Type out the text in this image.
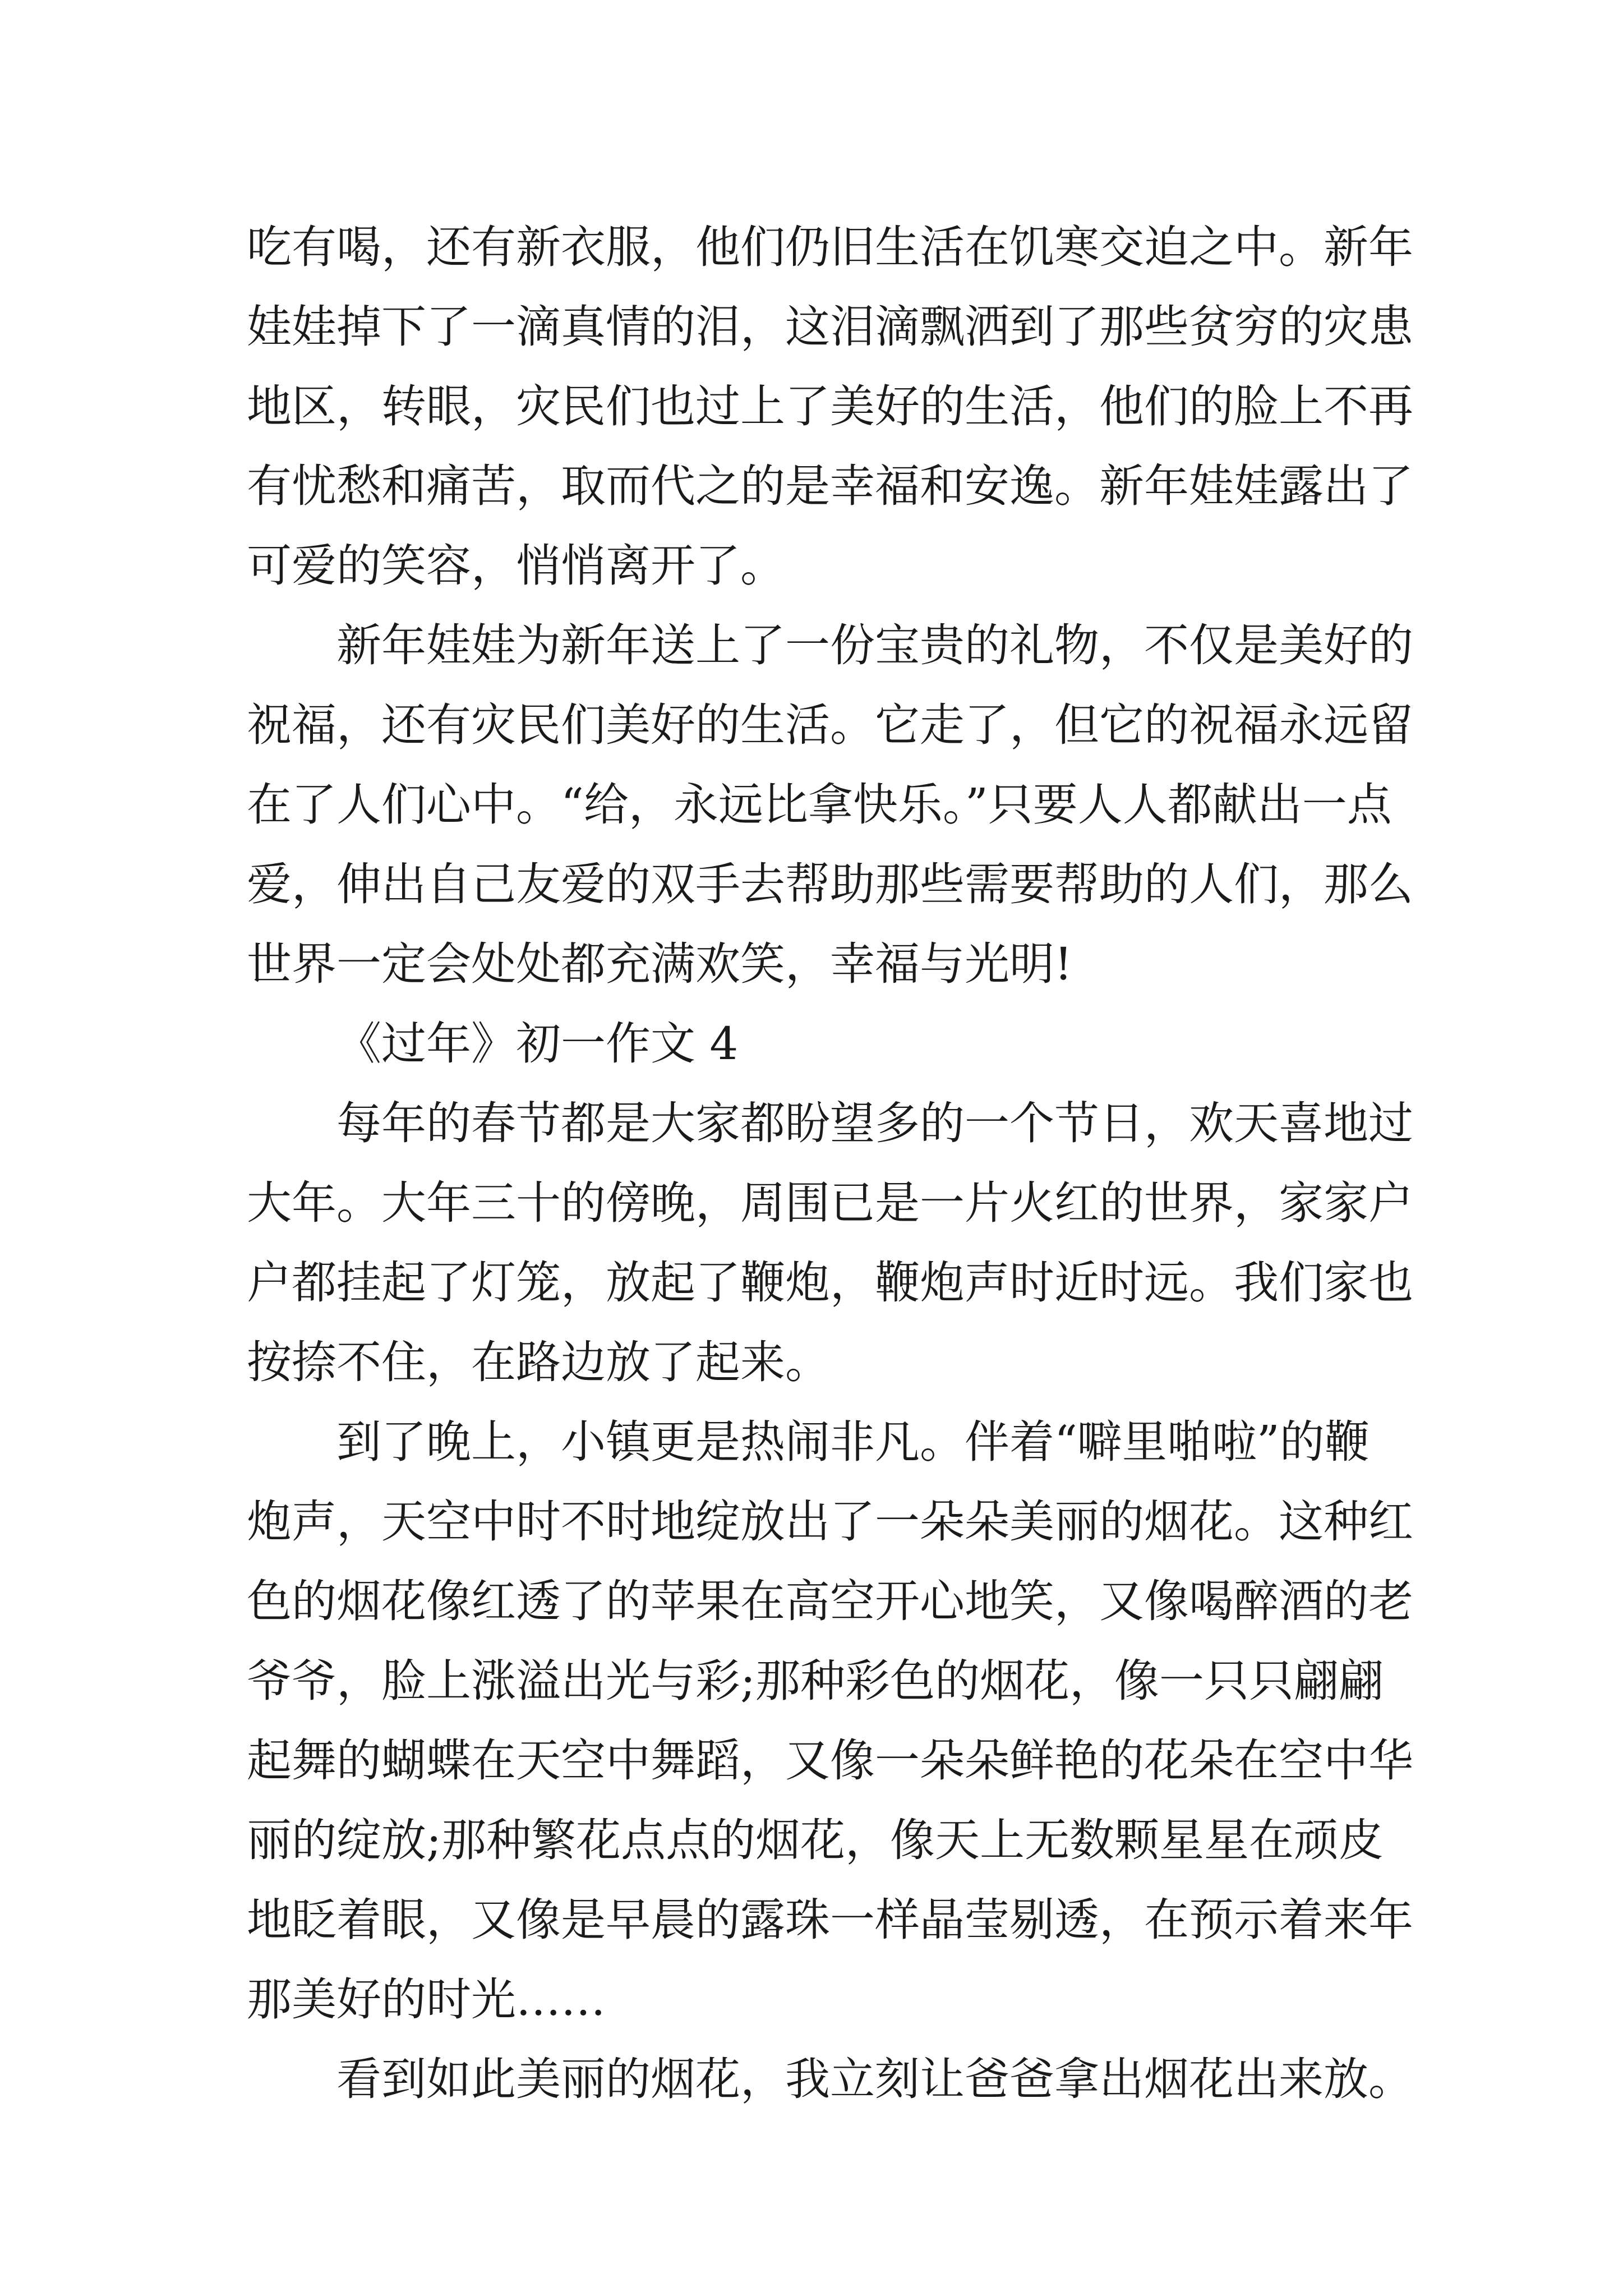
吃有喝，还有新衣服，他们仍旧生活在饥寒交迫之中。新年
娃娃掉下了一滴真情的泪，这泪滴飘洒到了那些贫穷的灾患
地区，转眼，灾民们也过上了美好的生活，他们的脸上不再
有忧愁和痛苦，取而代之的是幸福和安逸。新年娃娃露出了
可爱的笑容，悄悄离开了。
新年娃娃为新年送上了一份宝贵的礼物，不仅是美好的
祝福，还有灾民们美好的生活。它走了，但它的祝福永远留
在了人们心中。“给，永远比拿快乐。”只要人人都献出一点
爱，伸出自己友爱的双手去帮助那些需要帮助的人们，那么
世界一定会处处都充满欢笑，幸福与光明!
《过年》初一作文 4
每年的春节都是大家都盼望多的一个节日，欢天喜地过
大年。大年三十的傍晚，周围已是一片火红的世界，家家户
户都挂起了灯笼，放起了鞭炮，鞭炮声时近时远。我们家也
按捺不住，在路边放了起来。
到了晚上，小镇更是热闹非凡。伴着“噼里啪啦”的鞭
炮声，天空中时不时地绽放出了一朵朵美丽的烟花。这种红
色的烟花像红透了的苹果在高空开心地笑，又像喝醉酒的老
爷爷，脸上涨溢出光与彩;那种彩色的烟花，像一只只翩翩
起舞的蝴蝶在天空中舞蹈，又像一朵朵鲜艳的花朵在空中华
丽的绽放;那种繁花点点的烟花，像天上无数颗星星在顽皮
地眨着眼，又像是早晨的露珠一样晶莹剔透，在预示着来年
那美好的时光……
看到如此美丽的烟花，我立刻让爸爸拿出烟花出来放。
